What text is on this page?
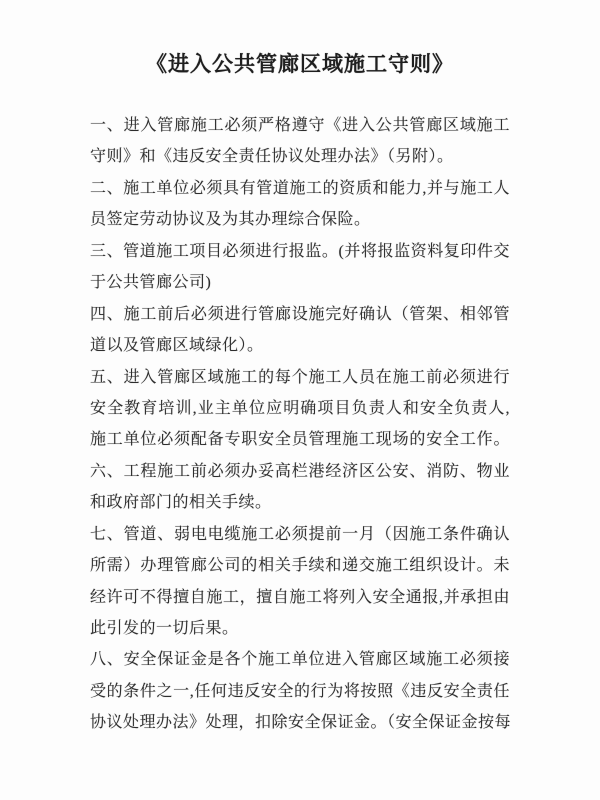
《进入公共管廊区域施工守则》
一、进入管廊施工必须严格遵守《进入公共管廊区域施工
守则》和《违反安全责任协议处理办法》（另附）。
二、施工单位必须具有管道施工的资质和能力,并与施工人
员签定劳动协议及为其办理综合保险。
三、管道施工项目必须进行报监。(并将报监资料复印件交
于公共管廊公司)
四、施工前后必须进行管廊设施完好确认（管架、相邻管
道以及管廊区域绿化）。
五、进入管廊区域施工的每个施工人员在施工前必须进行
安全教育培训,业主单位应明确项目负责人和安全负责人,
施工单位必须配备专职安全员管理施工现场的安全工作。
六、工程施工前必须办妥高栏港经济区公安、消防、物业
和政府部门的相关手续。
七、管道、弱电电缆施工必须提前一月（因施工条件确认
所需）办理管廊公司的相关手续和递交施工组织设计。未
经许可不得擅自施工，擅自施工将列入安全通报,并承担由
此引发的一切后果。
八、安全保证金是各个施工单位进入管廊区域施工必须接
受的条件之一,任何违反安全的行为将按照《违反安全责任
协议处理办法》处理，扣除安全保证金。（安全保证金按每
